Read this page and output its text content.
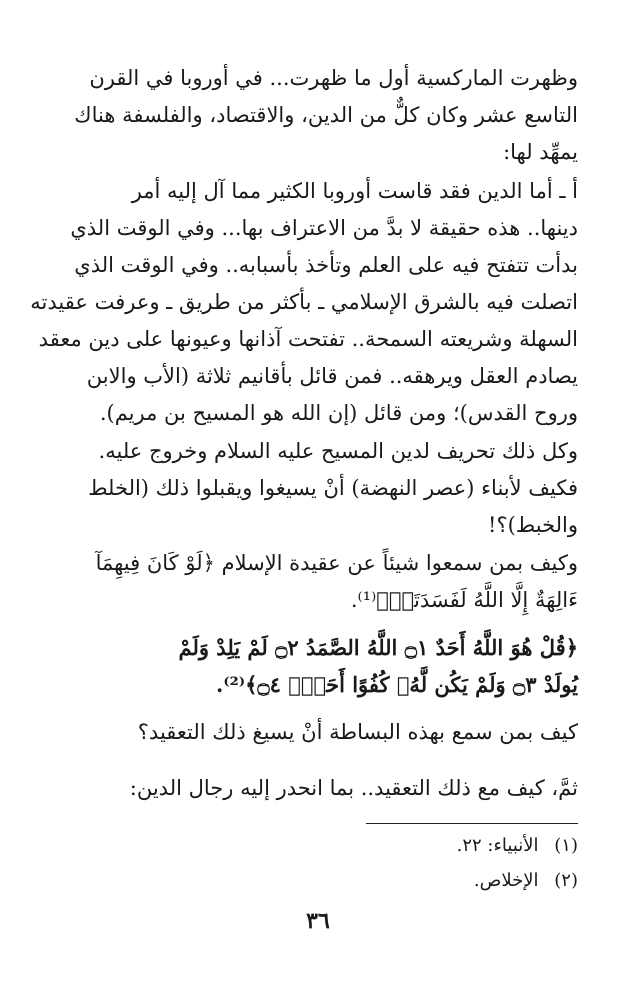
وظهرت الماركسية أول ما ظهرت... في أوروبا في القرن
التاسع عشر وكان كلٌّ من الدين، والاقتصاد، والفلسفة هناك
يمهِّد لها:
أ ـ أما الدين فقد قاست أوروبا الكثير مما آل إليه أمر
دينها.. هذه حقيقة لا بدَّ من الاعتراف بها... وفي الوقت الذي
بدأت تتفتح فيه على العلم وتأخذ بأسبابه.. وفي الوقت الذي
اتصلت فيه بالشرق الإسلامي ـ بأكثر من طريق ـ وعرفت عقيدته
السهلة وشريعته السمحة.. تفتحت آذانها وعيونها على دين معقد
يصادم العقل ويرهقه.. فمن قائل بأقانيم ثلاثة (الأب والابن
وروح القدس)؛ ومن قائل (إن الله هو المسيح بن مريم).
وكل ذلك تحريف لدين المسيح عليه السلام وخروج عليه.
فكيف لأبناء (عصر النهضة) أنْ يسيغوا ويقبلوا ذلك (الخلط
والخبط)؟!
وكيف بمن سمعوا شيئاً عن عقيدة الإسلام ﴿لَوْ كَانَ فِيهِمَآ
ءَالِهَةٌ إِلَّا اللَّهُ لَفَسَدَتَاۚ﴾⁽¹⁾.
﴿قُلْ هُوَ اللَّهُ أَحَدٌ ۝١ اللَّهُ الصَّمَدُ ۝٢ لَمْ يَلِدْ وَلَمْ
يُولَدْ ۝٣ وَلَمْ يَكُن لَّهُۥ كُفُوًا أَحَدٌۢ ۝٤﴾⁽²⁾.
كيف بمن سمع بهذه البساطة أنْ يسيغ ذلك التعقيد؟
ثمَّ، كيف مع ذلك التعقيد.. بما انحدر إليه رجال الدين:
(١) الأنبياء: ٢٢.
(٢) الإخلاص.
٣٦
